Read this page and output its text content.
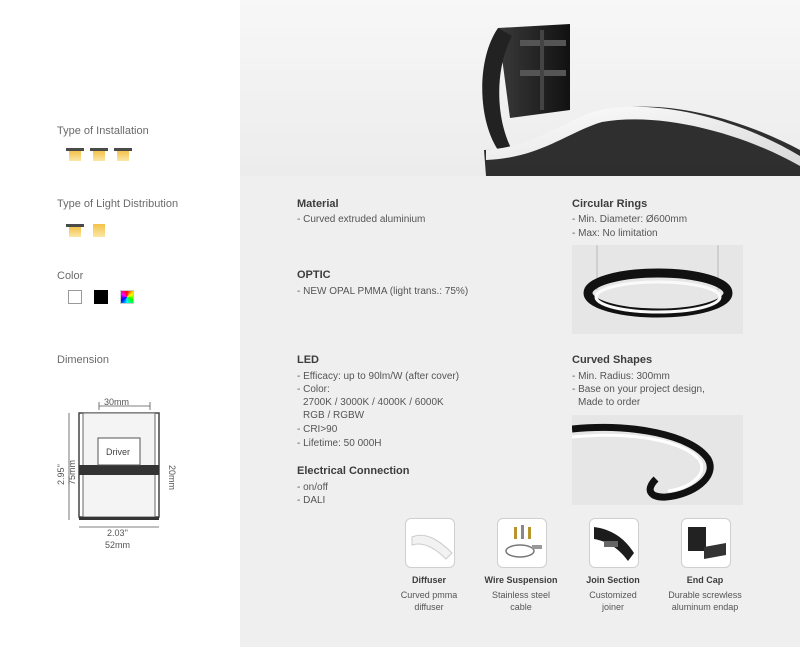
Type of Installation
Type of Light Distribution
Color
Dimension
30mm
Driver
2.95'' 75mm	20mm
2.03''
52mm
Material
- Curved extruded aluminium
OPTIC
- NEW OPAL PMMA (light trans.: 75%)
LED
- Efficacy: up to 90lm/W (after cover)
- Color:
2700K / 3000K / 4000K / 6000K
RGB / RGBW
- CRI>90
- Lifetime: 50 000H
Electrical Connection
- on/off
- DALI
Circular Rings
- Min. Diameter: Ø600mm
- Max: No limitation
Curved Shapes
- Min. Radius: 300mm
- Base on your project design,
Made to order
Diffuser
Curved pmma
diffuser
Wire Suspension
Stainless steel
cable
Join Section
Customized
joiner
End Cap
Durable screwless
aluminum endap
